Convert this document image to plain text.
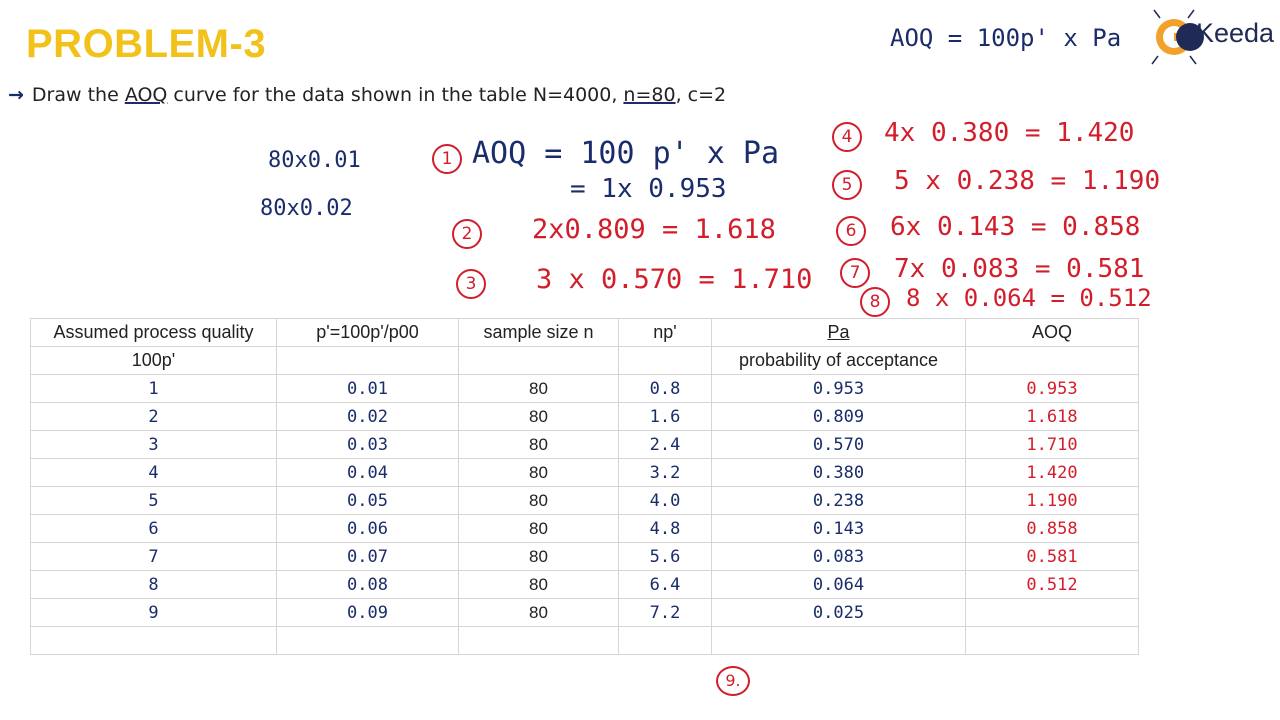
PROBLEM-3
→ Draw the AOQ curve for the data shown in the table N=4000, n=80, c=2
AOQ = 100p' x Pa	Keeda
80x0.01
80x0.02
1 AOQ = 100 p' x Pa
= 1x 0.953
2 2x0.809 = 1.618
3 3 x 0.570 = 1.710
4 4x 0.380 = 1.420
5 5 x 0.238 = 1.190
6 6x 0.143 = 0.858
7 7x 0.083 = 0.581
8 8 x 0.064 = 0.512
Assumed process quality	p'=100p'/p00	sample size n	np'	Pa	AOQ
100p'				probability of acceptance	
1	0.01	80	0.8	0.953	0.953
2	0.02	80	1.6	0.809	1.618
3	0.03	80	2.4	0.570	1.710
4	0.04	80	3.2	0.380	1.420
5	0.05	80	4.0	0.238	1.190
6	0.06	80	4.8	0.143	0.858
7	0.07	80	5.6	0.083	0.581
8	0.08	80	6.4	0.064	0.512
9	0.09	80	7.2	0.025	

9.
